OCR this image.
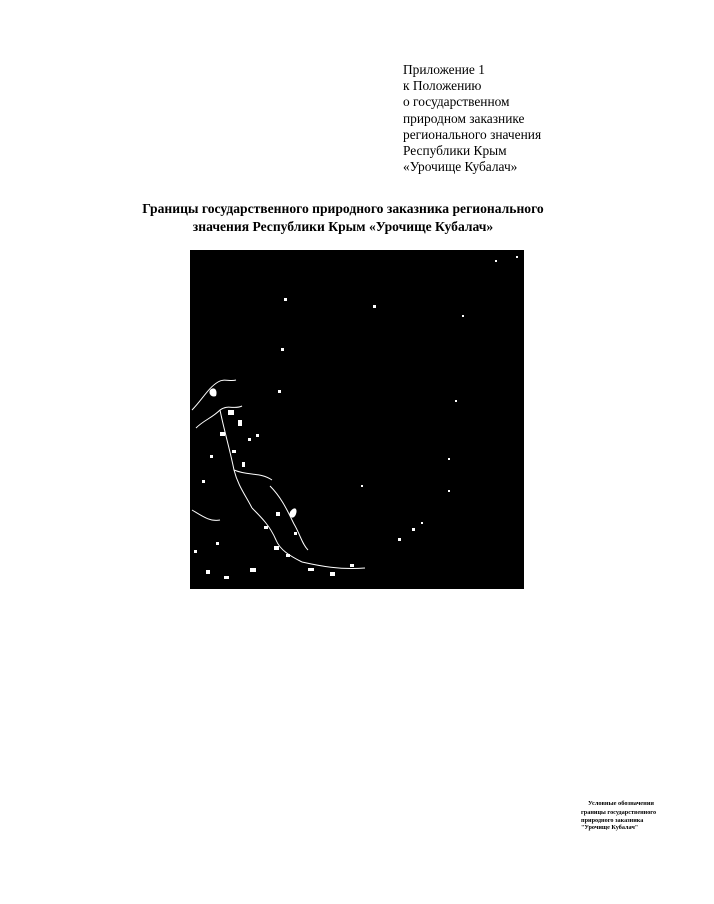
Приложение 1
к Положению
о государственном
природном заказнике
регионального значения
Республики Крым
«Урочище Кубалач»
Границы государственного природного заказника регионального
значения Республики Крым «Урочище Кубалач»
Условные обозначения
границы государственного
природного заказника
"Урочище Кубалач"
